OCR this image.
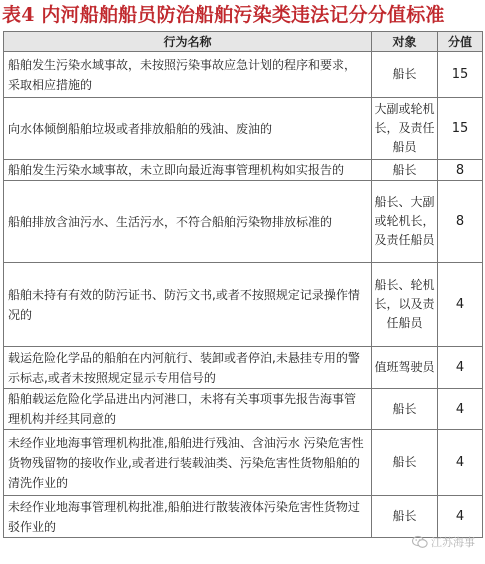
表4 内河船舶船员防治船舶污染类违法记分分值标准
行为名称	对象	分值
船舶发生污染水域事故，未按照污染事故应急计划的程序和要求，采取相应措施的	船长	15
向水体倾倒船舶垃圾或者排放船舶的残油、废油的	大副或轮机长，及责任船员	15
船舶发生污染水域事故，未立即向最近海事管理机构如实报告的	船长	8
船舶排放含油污水、生活污水，不符合船舶污染物排放标准的	船长、大副或轮机长，及责任船员	8
船舶未持有有效的防污证书、防污文书,或者不按照规定记录操作情况的	船长、轮机长，以及责任船员	4
载运危险化学品的船舶在内河航行、装卸或者停泊,未悬挂专用的警示标志,或者未按照规定显示专用信号的	值班驾驶员	4
船舶载运危险化学品进出内河港口，未将有关事项事先报告海事管理机构并经其同意的	船长	4
未经作业地海事管理机构批准,船舶进行残油、含油污水 污染危害性货物残留物的接收作业,或者进行装载油类、污染危害性货物船舶的清洗作业的	船长	4
未经作业地海事管理机构批准,船舶进行散装液体污染危害性货物过驳作业的	船长	4
江苏海事
